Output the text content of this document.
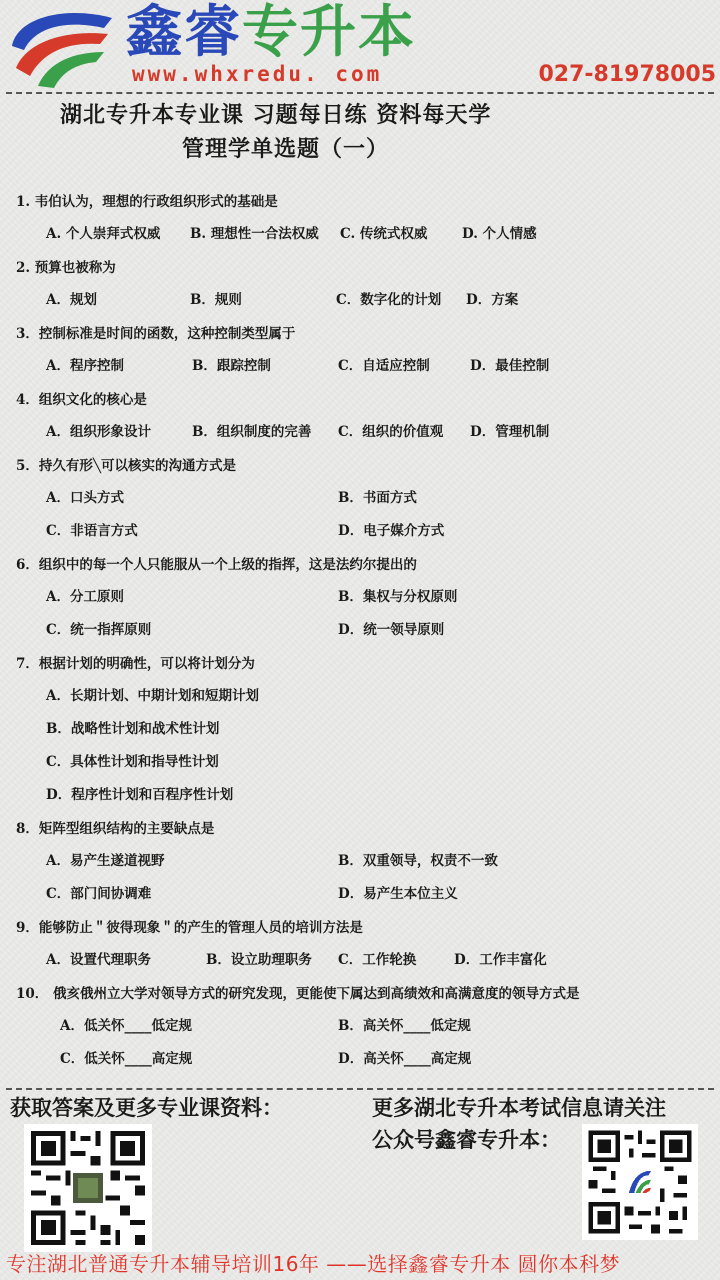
鑫睿专升本
www.whxredu. com	027-81978005
湖北专升本专业课 习题每日练 资料每天学
管理学单选题（一）
1. 韦伯认为，理想的行政组织形式的基础是
A. 个人崇拜式权威 B. 理想性一合法权威 C. 传统式权威	D. 个人情感
2. 预算也被称为
A．规划	B．规则	C．数字化的计划 D．方案
3．控制标准是时间的函数，这种控制类型属于
A．程序控制	B．跟踪控制	C．自适应控制	D．最佳控制
4．组织文化的核心是
A．组织形象设计	B．组织制度的完善 C．组织的价值观 D．管理机制
5．持久有形╲可以核实的沟通方式是
A．口头方式	B．书面方式
C．非语言方式	D．电子媒介方式
6．组织中的每一个人只能服从一个上级的指挥，这是法约尔提出的
A．分工原则	B．集权与分权原则
C．统一指挥原则	D．统一领导原则
7．根据计划的明确性，可以将计划分为
A．长期计划、中期计划和短期计划
B．战略性计划和战术性计划
C．具体性计划和指导性计划
D．程序性计划和百程序性计划
8．矩阵型组织结构的主要缺点是
A．易产生遂道视野	B．双重领导，权责不一致
C．部门间协调难	D．易产生本位主义
9．能够防止＂彼得现象＂的产生的管理人员的培训方法是
A．设置代理职务	B．设立助理职务 C．工作轮换	D．工作丰富化
10． 俄亥俄州立大学对领导方式的研究发现，更能使下属达到高绩效和高满意度的领导方式是
A．低关怀____低定规	B．高关怀____低定规
C．低关怀____高定规	D．高关怀____高定规
获取答案及更多专业课资料：	更多湖北专升本考试信息请关注
公众号鑫睿专升本：
专注湖北普通专升本辅导培训16年 ——选择鑫睿专升本 圆你本科梦
